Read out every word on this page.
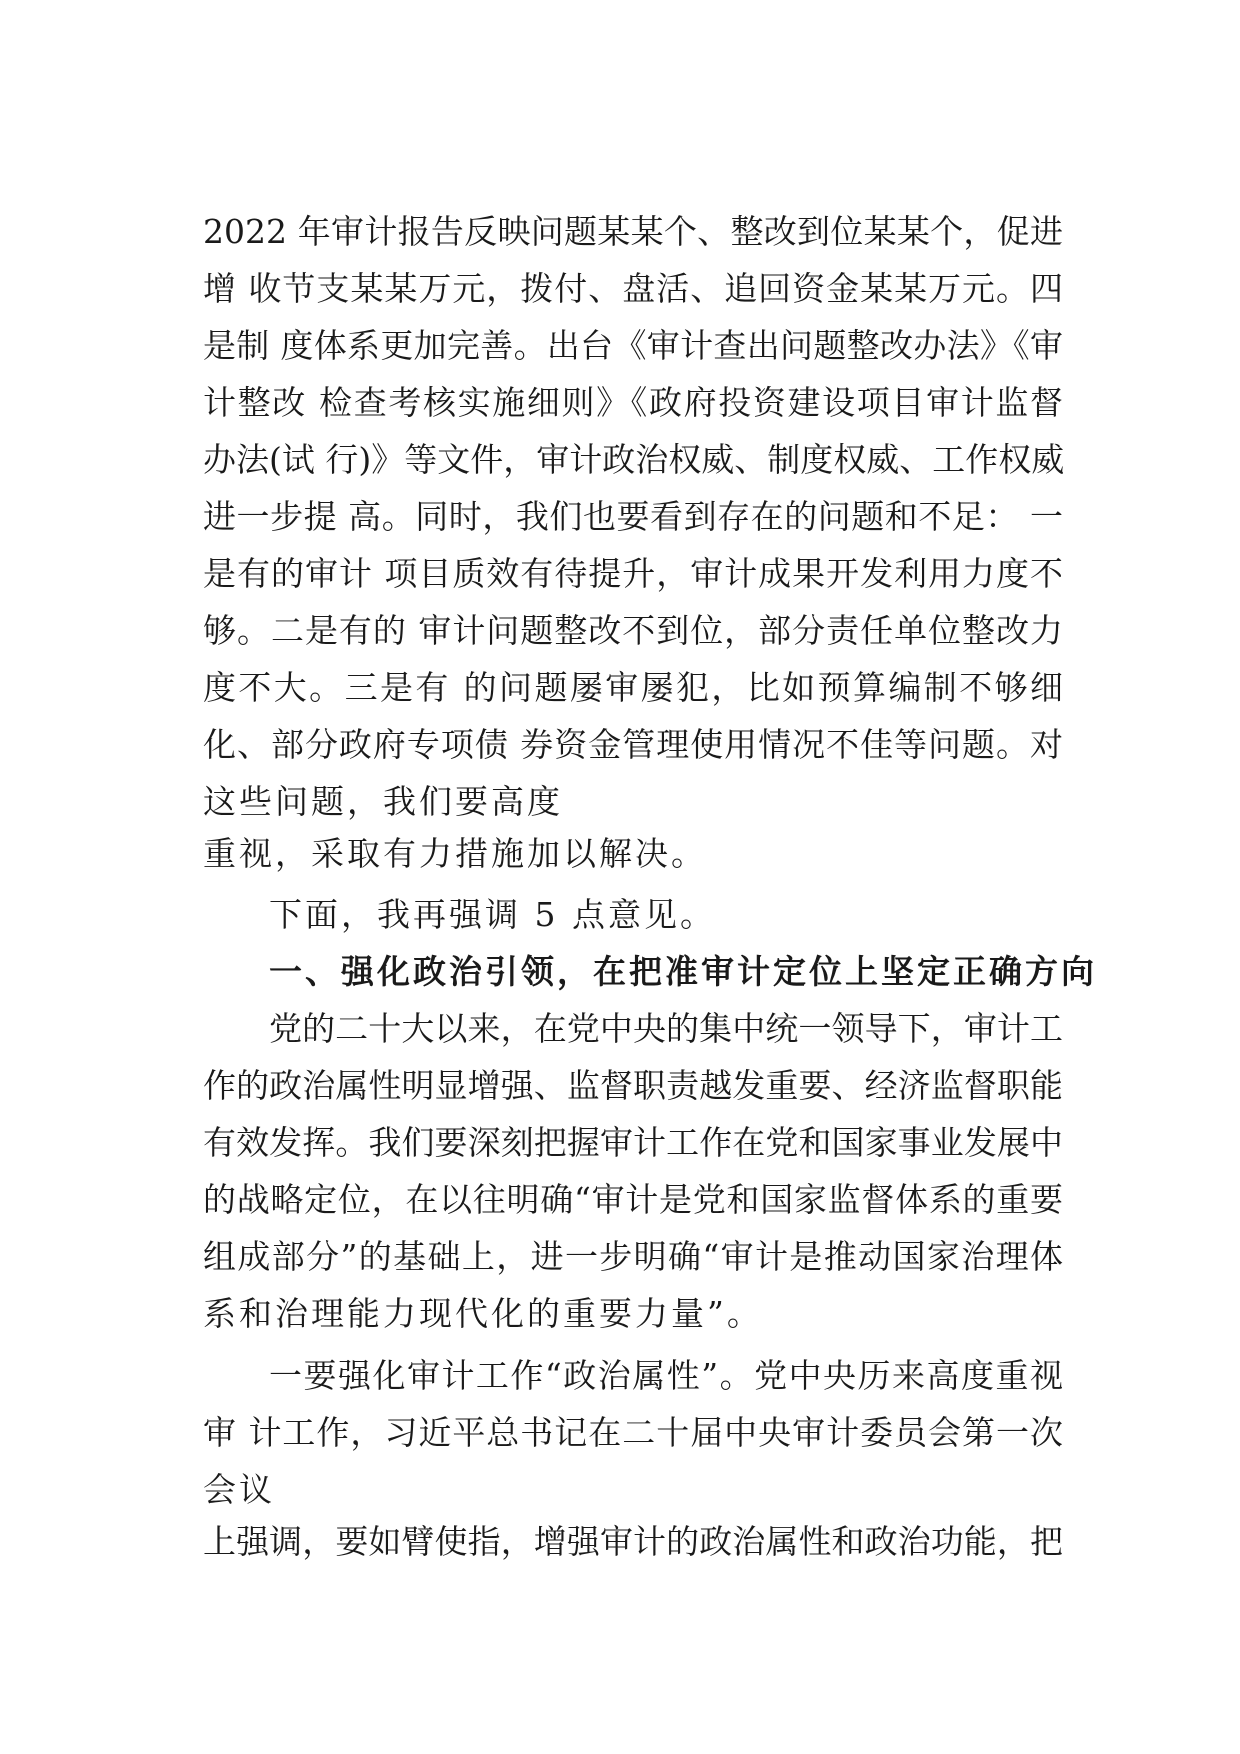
2022 年审计报告反映问题某某个、整改到位某某个，促进

增 收节支某某万元，拨付、盘活、追回资金某某万元。四

是制 度体系更加完善。出台《审计查出问题整改办法》《审

计整改 检查考核实施细则》《政府投资建设项目审计监督

办法(试 行)》等文件，审计政治权威、制度权威、工作权威

进一步提 高。同时，我们也要看到存在的问题和不足： 一

是有的审计 项目质效有待提升，审计成果开发利用力度不

够。二是有的 审计问题整改不到位，部分责任单位整改力

度不大。三是有 的问题屡审屡犯，比如预算编制不够细

化、部分政府专项债 券资金管理使用情况不佳等问题。对

这些问题，我们要高度

重视，采取有力措施加以解决。

下面，我再强调 5 点意见。

一、强化政治引领，在把准审计定位上坚定正确方向

党的二十大以来，在党中央的集中统一领导下，审计工

作的政治属性明显增强、监督职责越发重要、经济监督职能

有效发挥。我们要深刻把握审计工作在党和国家事业发展中

的战略定位，在以往明确“审计是党和国家监督体系的重要

组成部分”的基础上，进一步明确“审计是推动国家治理体

系和治理能力现代化的重要力量”。

一要强化审计工作“政治属性”。党中央历来高度重视

审 计工作，习近平总书记在二十届中央审计委员会第一次

会议

上强调，要如臂使指，增强审计的政治属性和政治功能，把
